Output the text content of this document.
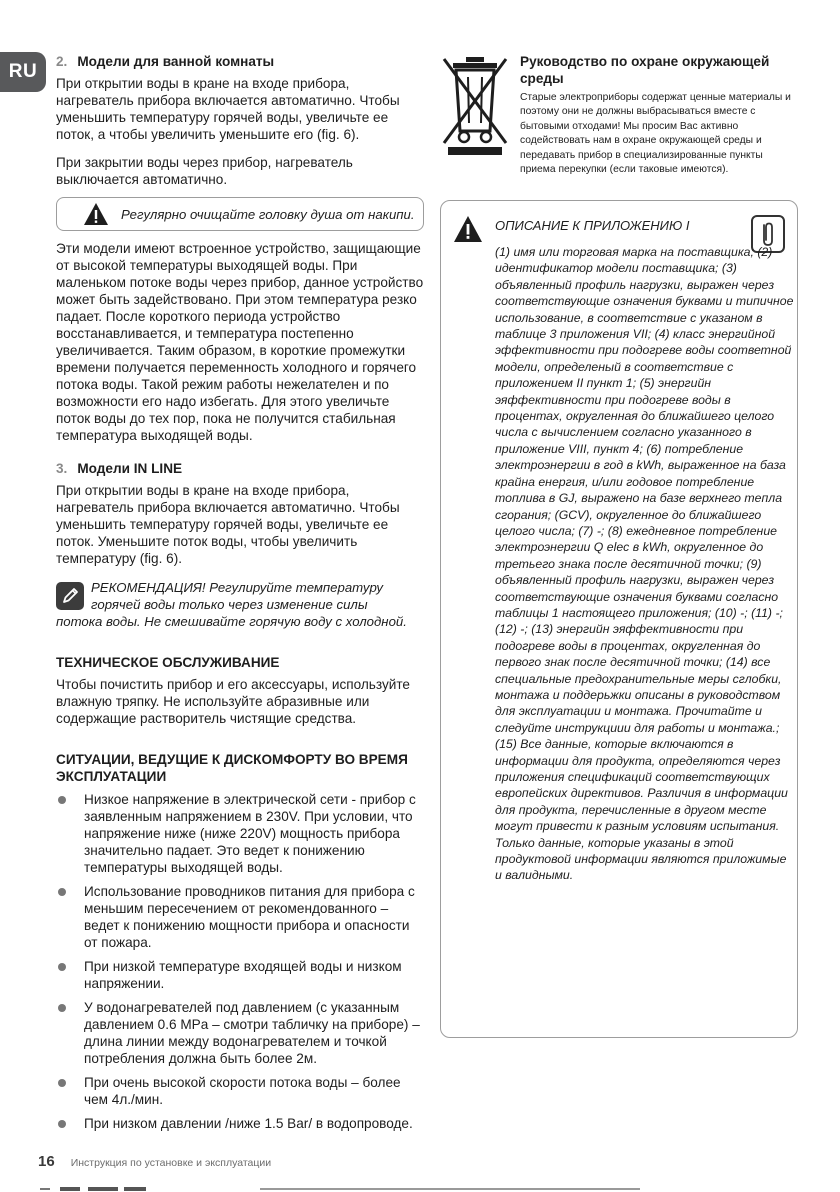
RU	2. Модели для ванной комнаты

При открытии воды в кране на входе прибора, нагреватель прибора включается автоматично. Чтобы уменьшить температуру горячей воды, увеличьте ее поток, а чтобы увеличить уменьшите его (fig. 6).

При закрытии воды через прибор, нагреватель выключается автоматично.

Регулярно очищайте головку душа от накипи.

Эти модели имеют встроенное устройство, защищающие от высокой температуры выходящей воды. При маленьком потоке воды через прибор, данное устройство может быть задействовано. При этом температура резко падает. После короткого периода устройство восстанавливается, и температура постепенно увеличивается. Таким образом, в короткие промежутки времени получается переменность холодного и горячего потока воды. Такой режим работы нежелателен и по возможности его надо избегать. Для этого увеличьте поток воды до тех пор, пока не получится стабильная температура выходящей воды.

3. Модели IN LINE

При открытии воды в кране на входе прибора, нагреватель прибора включается автоматично. Чтобы уменьшить температуру горячей воды, увеличьте ее поток. Уменьшите поток воды, чтобы увеличить температуру (fig. 6).

РЕКОМЕНДАЦИЯ! Регулируйте температуру горячей воды только через изменение силы
потока воды. Не смешивайте горячую воду с холодной.
ТЕХНИЧЕСКОЕ ОБСЛУЖИВАНИЕ

Чтобы почистить прибор и его аксессуары, используйте влажную тряпку. Не используйте абразивные или содержащие растворитель чистящие средства.

СИТУАЦИИ, ВЕДУЩИЕ К ДИСКОМФОРТУ ВО ВРЕМЯ ЭКСПЛУАТАЦИИ
Низкое напряжение в электрической сети - прибор с заявленным напряжением в 230V. При условии, что напряжение ниже (ниже 220V) мощность прибора значительно падает. Это ведет к понижению температуры выходящей воды.
Использование проводников питания для прибора с меньшим пересечением от рекомендованного – ведет к понижению мощности прибора и опасности от пожара.
При низкой температуре входящей воды и низком напряжении.
У водонагревателей под давлением (с указанным давлением 0.6 MPa – смотри табличку на приборе) – длина линии между водонагревателем и точкой потребления должна быть более 2м.
При очень высокой скорости потока воды – более чем 4л./мин.
При низком давлении /ниже 1.5 Bar/ в водопроводе.
Руководство по охране окружающей среды

Старые электроприборы содержат ценные материалы и поэтому они не должны выбрасываться вместе с бытовыми отходами! Мы просим Вас активно содействовать нам в охране окружающей среды и передавать прибор в специализированные пункты приема перекупки (если таковые имеются).

ОПИСАНИЕ К ПРИЛОЖЕНИЮ I

(1) имя или торговая марка на поставщика; (2) идентификатор модели поставщика; (3) объявленный профиль нагрузки, выражен через соответствующие означения буквами и типичное использование, в соответствие с указаном в таблице 3 приложения VII; (4) класс энергийной эффективности при подогреве воды соответной модели, определеный в соответствие с приложением II пункт 1; (5) энергийн эяффективности при подогреве воды в процентах, округленная до ближайшего целого числа с вычислением согласно указанного в приложение VIII, пункт 4; (6) потребление электроэнергии в год в kWh, выраженное на база крайна енергия, и/или годовое потребление топлива в GJ, выражено на базе верхнего тепла сгорания; (GCV), округленное до ближайшего целого числа; (7) -; (8) ежедневное потребление электроэнергии Q elec в kWh, округленное до третьего знака после десятичной точки; (9) объявленный профиль нагрузки, выражен через соответствующие означения буквами согласно таблицы 1 настоящего приложения; (10) -; (11) -; (12) -; (13) энергийн эяффективности при подогреве воды в процентах, округленная до первого знак после десятичной точки; (14) все специальные предохранительные меры сглобки, монтажа и поддерьжки описаны в руководством для эксплуатации и монтажа. Прочитайте и следуйте инструкциии для работы и монтажа.; (15) Все данные, которые включаются в информации для продукта, определяются через приложения спецификаций соответствующих европейских директивов. Различия в информации для продукта, перечисленные в другом месте могут привести к разным условиям испытания. Только данные, которые указаны в этой продуктовой информации являются приложимые и валидными.

16 Инструкция по установке и эксплуатации
